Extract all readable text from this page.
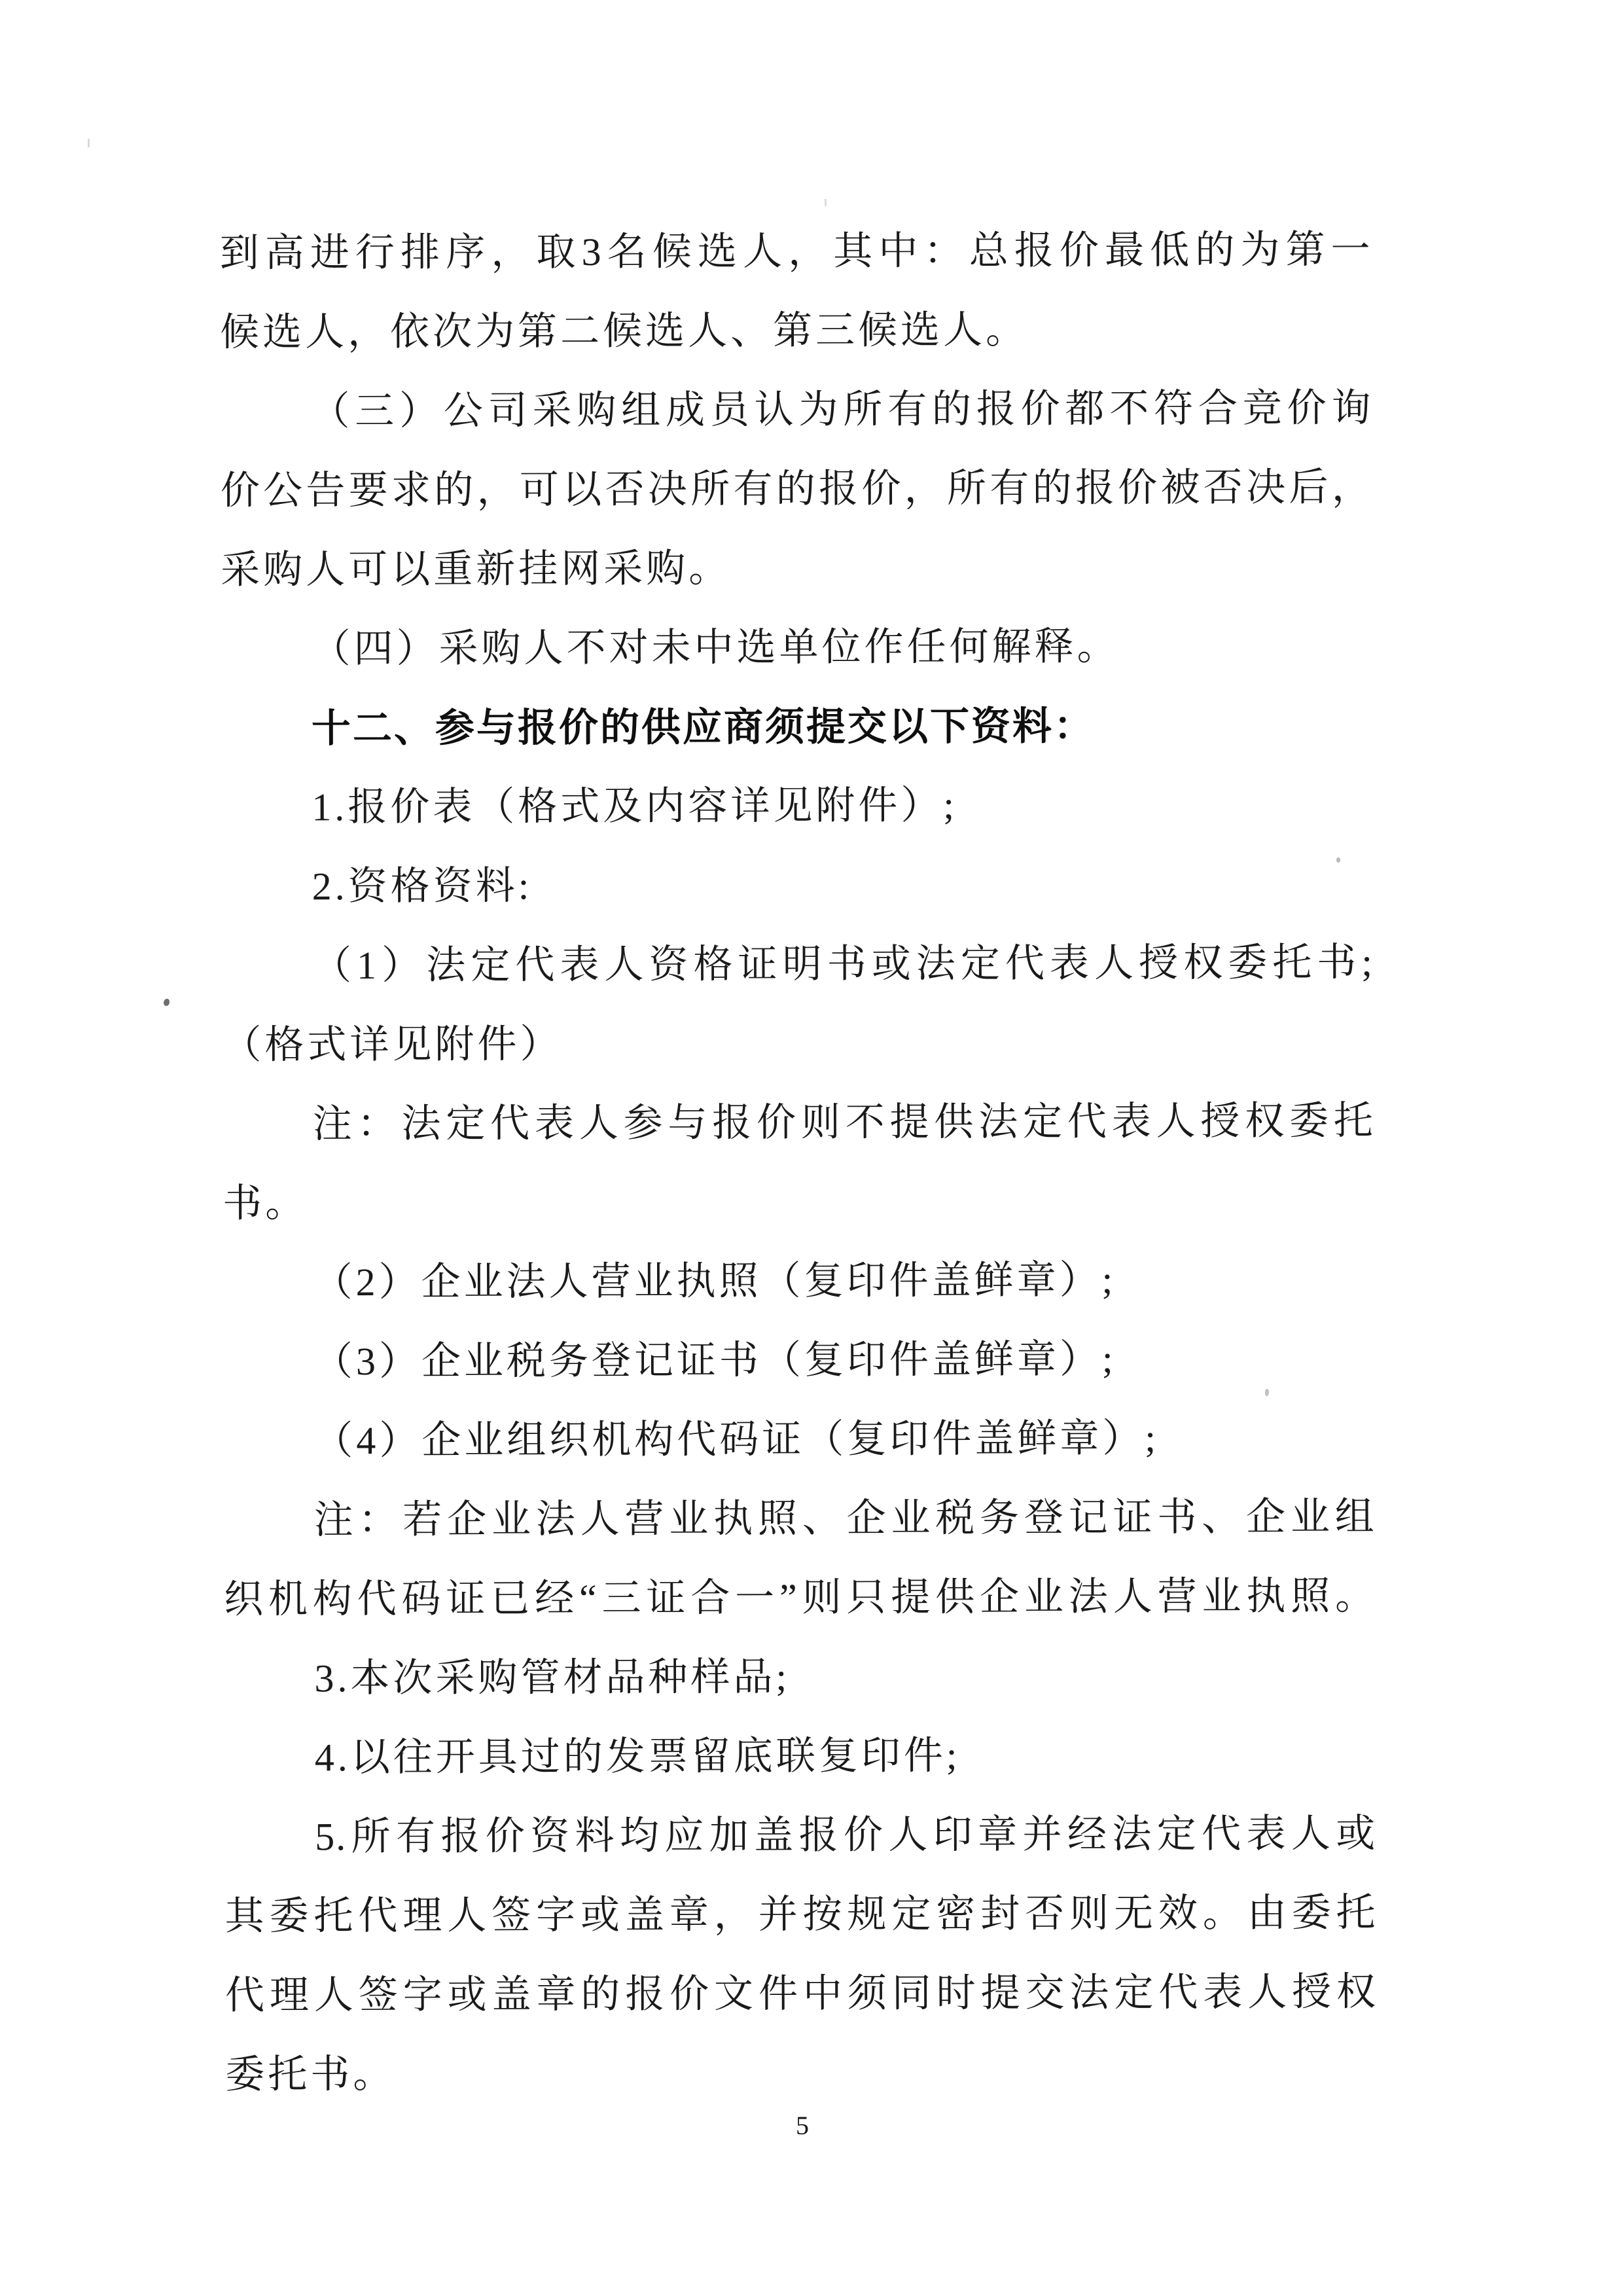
到高进行排序，取3名候选人，其中：总报价最低的为第一
候选人，依次为第二候选人、第三候选人。
（三）公司采购组成员认为所有的报价都不符合竞价询
价公告要求的，可以否决所有的报价，所有的报价被否决后，
采购人可以重新挂网采购。
（四）采购人不对未中选单位作任何解释。
十二、参与报价的供应商须提交以下资料：
1.报价表（格式及内容详见附件）;
2.资格资料:
（1）法定代表人资格证明书或法定代表人授权委托书;
（格式详见附件）
注：法定代表人参与报价则不提供法定代表人授权委托
书。
（2）企业法人营业执照（复印件盖鲜章）;
（3）企业税务登记证书（复印件盖鲜章）;
（4）企业组织机构代码证（复印件盖鲜章）;
注：若企业法人营业执照、企业税务登记证书、企业组
织机构代码证已经“三证合一”则只提供企业法人营业执照。
3.本次采购管材品种样品;
4.以往开具过的发票留底联复印件;
5.所有报价资料均应加盖报价人印章并经法定代表人或
其委托代理人签字或盖章，并按规定密封否则无效。由委托
代理人签字或盖章的报价文件中须同时提交法定代表人授权
委托书。
5
